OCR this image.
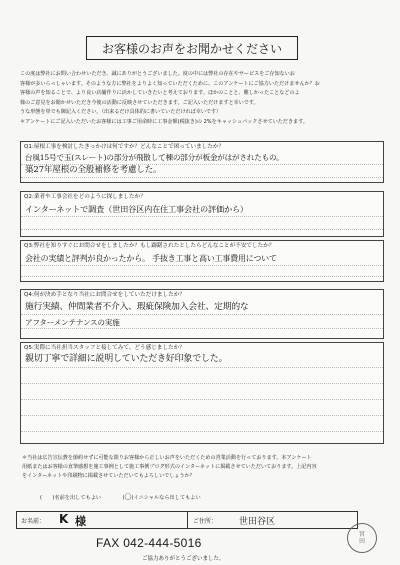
お客様のお声をお聞かせください
この度は弊社にお問い合わせいただき、誠にありがとうございました。度の中には弊社の存在やサービスをご存知ないお
客様が多いらっしゃいます。そのような方に弊社をよりよく知っていただくために、このアンケートにご協力いただけませんか？お
客様の声を知ることで、より良い店舗作りに活かしていきたいと考えております。ほかのことと、難しかったことなどのよ
様のご意見をお聞かせいただき今後の活動に反映させていただきます。ご記入いただけますと幸いです。
うな形態を単でも御記入ください。（出来るだけ具体的に書いていただければ幸いです）
＊アンケートにご記入いただいたお客様には工事ご用命時に工事金額(税抜き)の 2%をキャッシュバックさせていただきます。
Q1:屋根工事を検討したきっかけは何ですか？どんなことで困っていましたか？
台風15号で玉(スレート)の部分が飛散して棟の部分が板金がはがされたもの。
築27年屋根の全般補修を考慮した。
Q2:業者や工事会社をどのように探しましたか？
インターネットで調査（世田谷区内在住工事会社の評価から）
Q3:弊社を知りすぐにお問合せをしましたか？もし躊躇されたとしたらどんなことが不安でしたか？
会社の実績と評判が良かったから。 手抜き工事と高い工事費用について
Q4:何が決め手となり当社にお問合せをしていただけましたか？
施行実績、仲間業者不介入、瑕疵保険加入会社、定期的な
アフターメンテナンスの実施
Q5:実際に当社担当スタッフと接してみて、どう感じましたか？
親切丁寧で詳細に説明していただき好印象でした。
＊当社は広告宣伝費を節約せずに可能な限りお客様から正しいお声をいただくための営業活動を行っております。本アンケート
用紙またはお客様の直筆感想を施工事例として施工事例ブログ形式のインターネットに掲載させていただいております。上記内容
をインターネットや印刷物に掲載させていただいてもよろしいでしょうか？
(　　)名前を出してもよい	(〇)イニシャルなら出してもよい
お名前： K 様	ご住所： 世田谷区
FAX 042-444-5016
宮
田
ご協力ありがとうございました。
